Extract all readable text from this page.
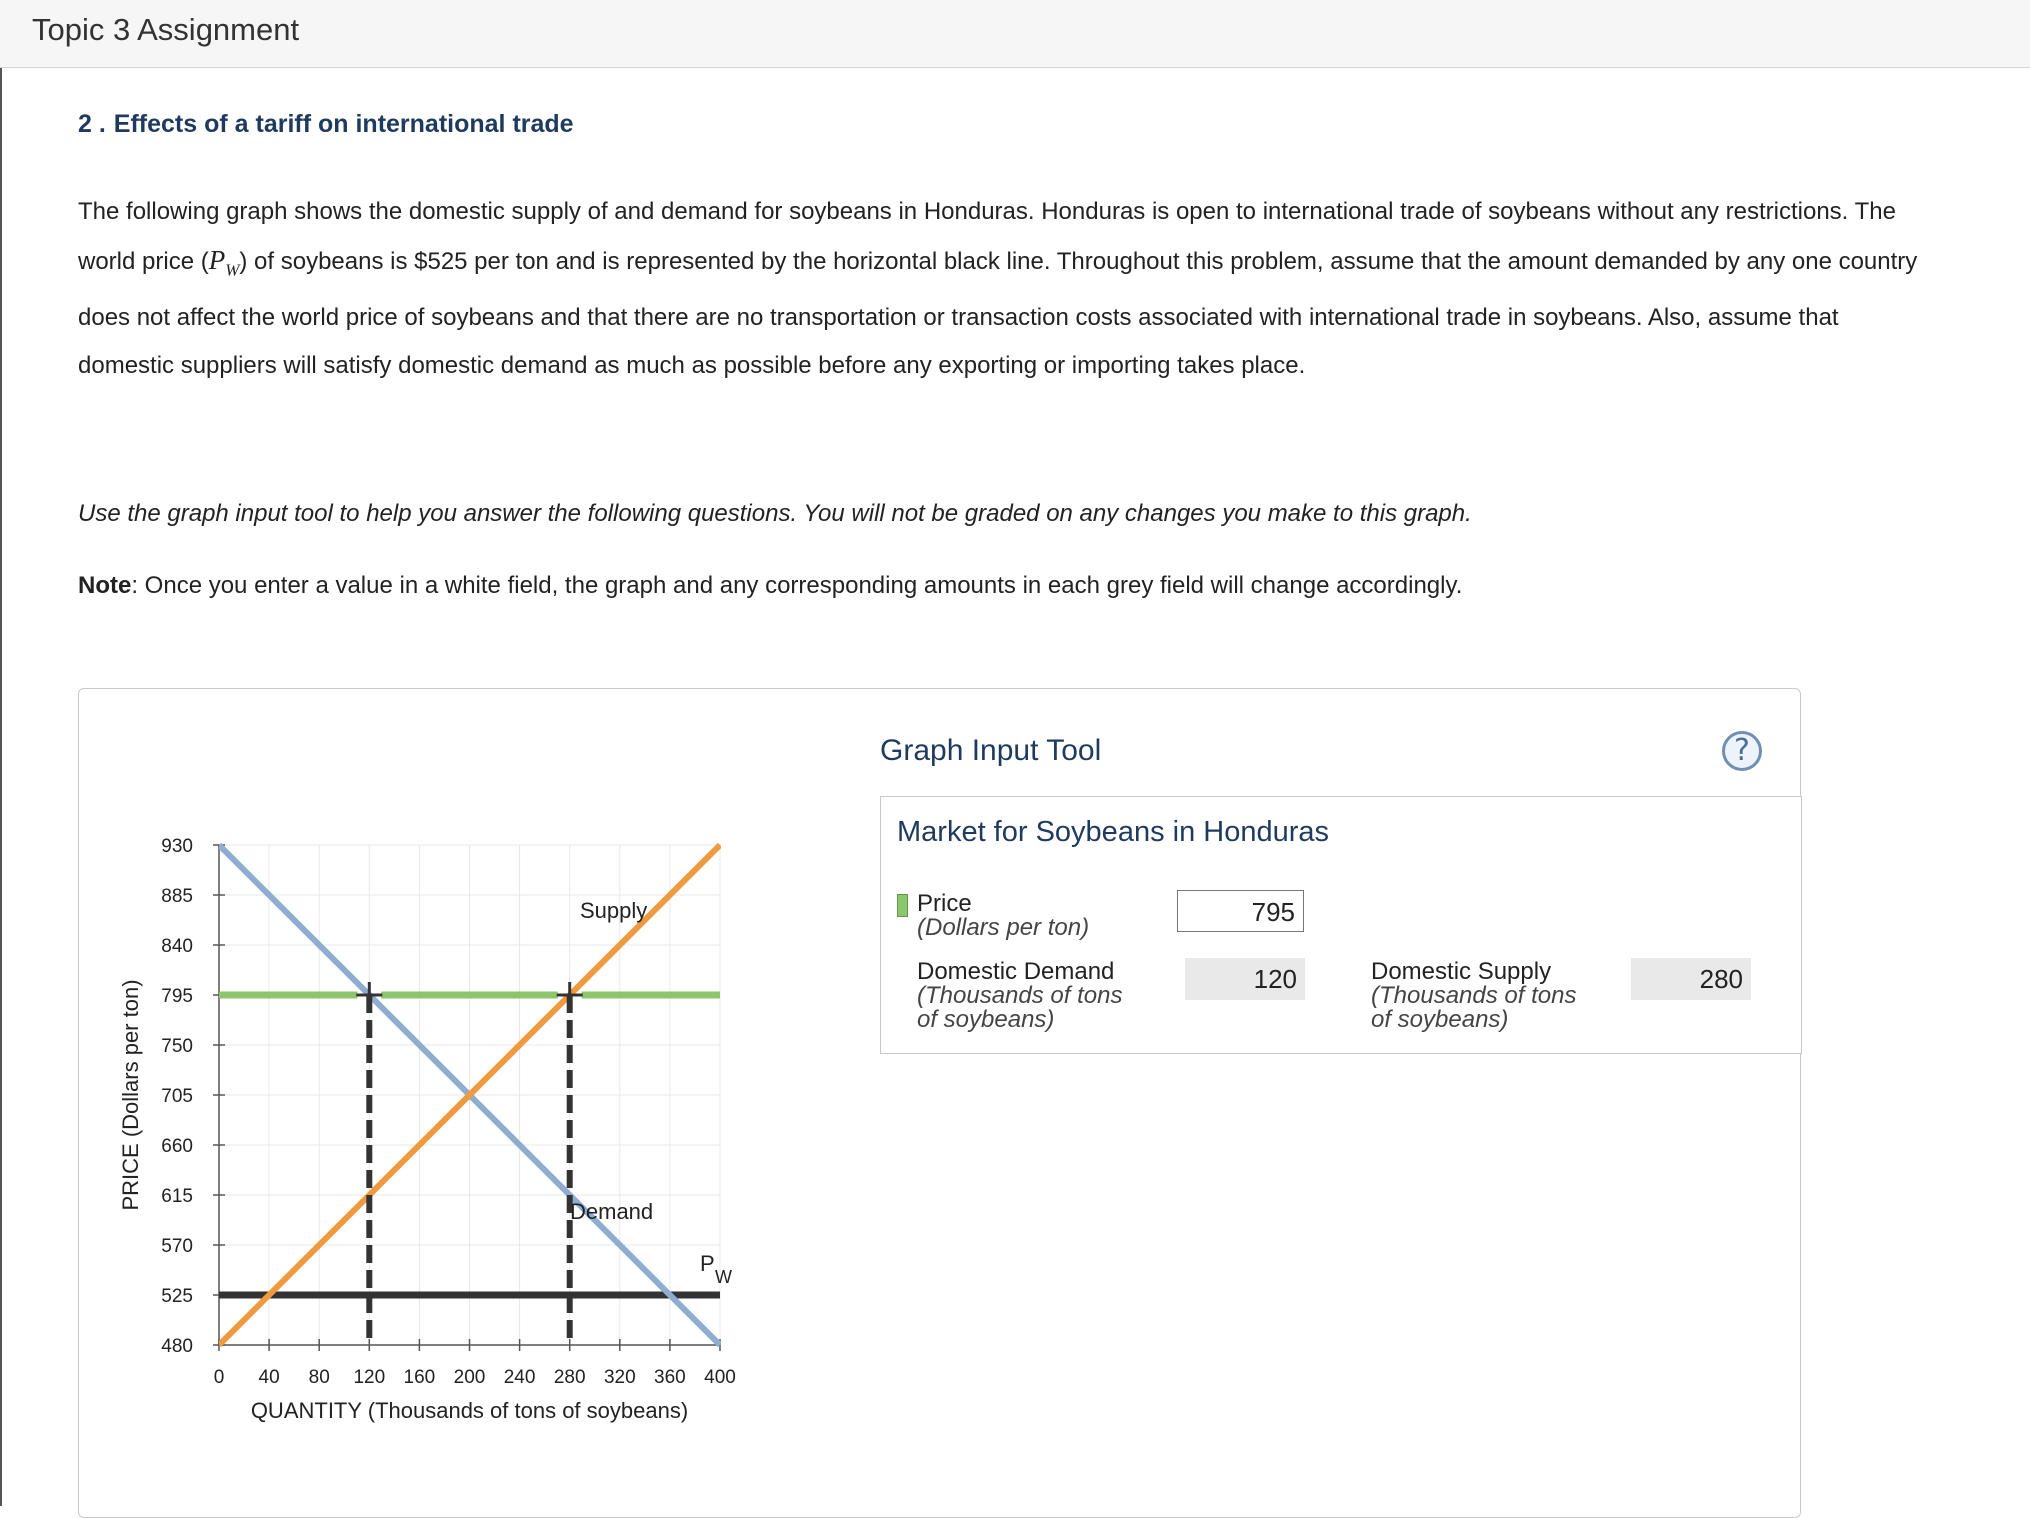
Topic 3 Assignment
2 . Effects of a tariff on international trade
The following graph shows the domestic supply of and demand for soybeans in Honduras. Honduras is open to international trade of soybeans without any restrictions. The world price $(P_W)$ of soybeans is $525 per ton and is represented by the horizontal black line. Throughout this problem, assume that the amount demanded by any one country does not affect the world price of soybeans and that there are no transportation or transaction costs associated with international trade in soybeans. Also, assume that domestic suppliers will satisfy domestic demand as much as possible before any exporting or importing takes place.
Use the graph input tool to help you answer the following questions. You will not be graded on any changes you make to this graph.
Note: Once you enter a value in a white field, the graph and any corresponding amounts in each grey field will change accordingly.
480
525
570
615
660
705
750
795
840
885
930
0 40 80 120 160 200 240 280 320 360 400
QUANTITY (Thousands of tons of soybeans)
PRICE (Dollars per ton)
P
W
Supply
Demand
Graph Input Tool	?
Market for Soybeans in Honduras
Price
(Dollars per ton)
795
Domestic Demand
(Thousands of tons
of soybeans)
120	Domestic Supply
(Thousands of tons
of soybeans)
280
